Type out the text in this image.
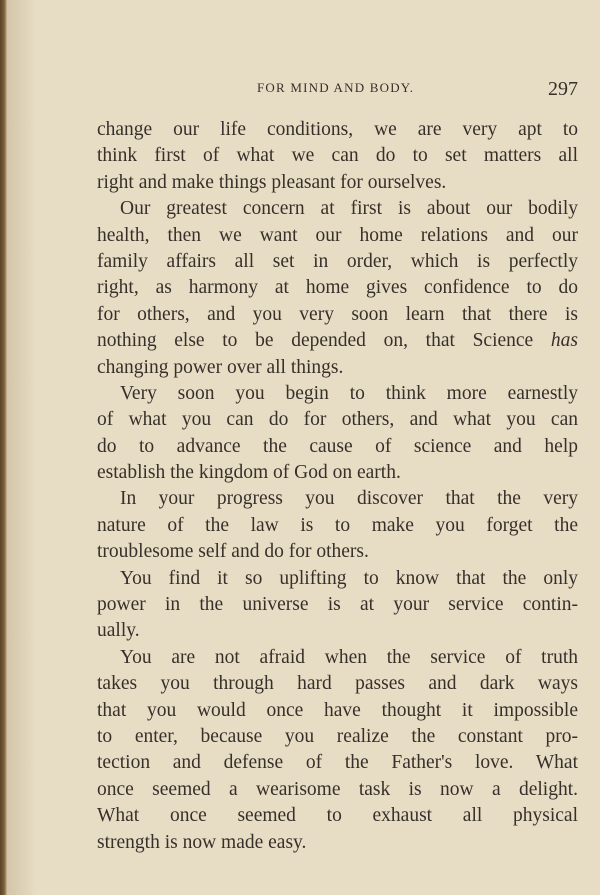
FOR MIND AND BODY.	297
change our life conditions, we are very apt to
think first of what we can do to set matters all
right and make things pleasant for ourselves.
Our greatest concern at first is about our bodily
health, then we want our home relations and our
family affairs all set in order, which is perfectly
right, as harmony at home gives confidence to do
for others, and you very soon learn that there is
nothing else to be depended on, that Science has
changing power over all things.
Very soon you begin to think more earnestly
of what you can do for others, and what you can
do to advance the cause of science and help
establish the kingdom of God on earth.
In your progress you discover that the very
nature of the law is to make you forget the
troublesome self and do for others.
You find it so uplifting to know that the only
power in the universe is at your service contin-
ually.
You are not afraid when the service of truth
takes you through hard passes and dark ways
that you would once have thought it impossible
to enter, because you realize the constant pro-
tection and defense of the Father's love. What
once seemed a wearisome task is now a delight.
What once seemed to exhaust all physical
strength is now made easy.
